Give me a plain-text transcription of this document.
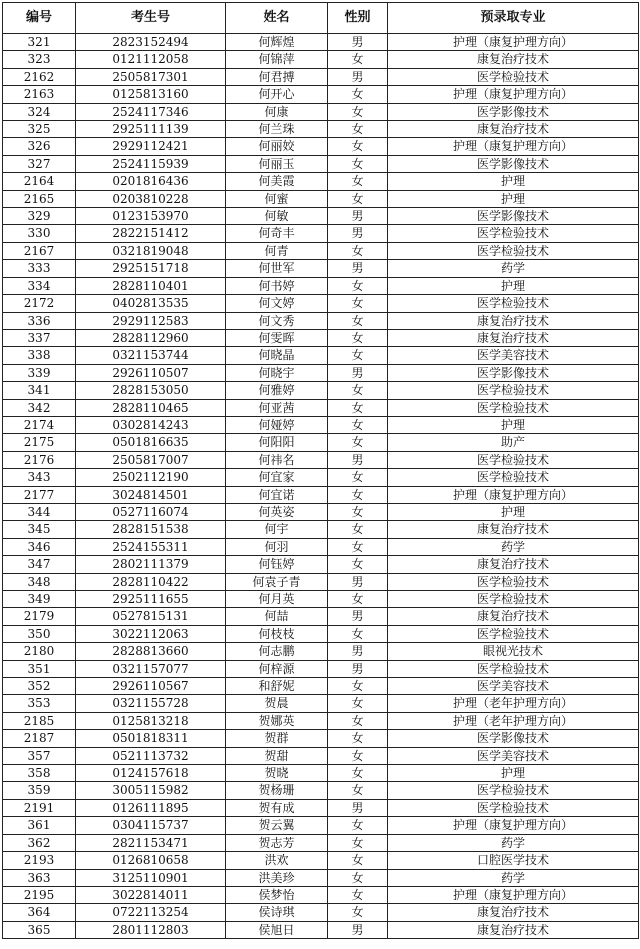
编号	考生号	姓名	性别	预录取专业
321	2823152494	何辉煌	男	护理（康复护理方向）
323	0121112058	何锦萍	女	康复治疗技术
2162	2505817301	何君搏	男	医学检验技术
2163	0125813160	何开心	女	护理（康复护理方向）
324	2524117346	何康	女	医学影像技术
325	2925111139	何兰珠	女	康复治疗技术
326	2929112421	何丽姣	女	护理（康复护理方向）
327	2524115939	何丽玉	女	医学影像技术
2164	0201816436	何美霞	女	护理
2165	0203810228	何蜜	女	护理
329	0123153970	何敏	男	医学影像技术
330	2822151412	何奇丰	男	医学检验技术
2167	0321819048	何青	女	医学检验技术
333	2925151718	何世军	男	药学
334	2828110401	何书婷	女	护理
2172	0402813535	何文婷	女	医学检验技术
336	2929112583	何文秀	女	康复治疗技术
337	2828112960	何雯晖	女	康复治疗技术
338	0321153744	何晓晶	女	医学美容技术
339	2926110507	何晓宇	男	医学影像技术
341	2828153050	何雅婷	女	医学检验技术
342	2828110465	何亚茜	女	医学检验技术
2174	0302814243	何娅婷	女	护理
2175	0501816635	何阳阳	女	助产
2176	2505817007	何祎名	男	医学检验技术
343	2502112190	何宜家	女	医学检验技术
2177	3024814501	何宜诺	女	护理（康复护理方向）
344	0527116074	何英姿	女	护理
345	2828151538	何宇	女	康复治疗技术
346	2524155311	何羽	女	药学
347	2802111379	何钰婷	女	康复治疗技术
348	2828110422	何袁子青	男	医学检验技术
349	2925111655	何月英	女	医学检验技术
2179	0527815131	何喆	男	康复治疗技术
350	3022112063	何枝枝	女	医学检验技术
2180	2828813660	何志鹏	男	眼视光技术
351	0321157077	何梓源	男	医学检验技术
352	2926110567	和舒妮	女	医学美容技术
353	0321155728	贺晨	女	护理（老年护理方向）
2185	0125813218	贺娜英	女	护理（老年护理方向）
2187	0501818311	贺群	女	医学影像技术
357	0521113732	贺甜	女	医学美容技术
358	0124157618	贺晓	女	护理
359	3005115982	贺杨珊	女	医学检验技术
2191	0126111895	贺有成	男	医学检验技术
361	0304115737	贺云翼	女	护理（康复护理方向）
362	2821153471	贺志芳	女	药学
2193	0126810658	洪欢	女	口腔医学技术
363	3125110901	洪美珍	女	药学
2195	3022814011	侯梦怡	女	护理（康复护理方向）
364	0722113254	侯诗琪	女	康复治疗技术
365	2801112803	侯旭日	男	康复治疗技术
